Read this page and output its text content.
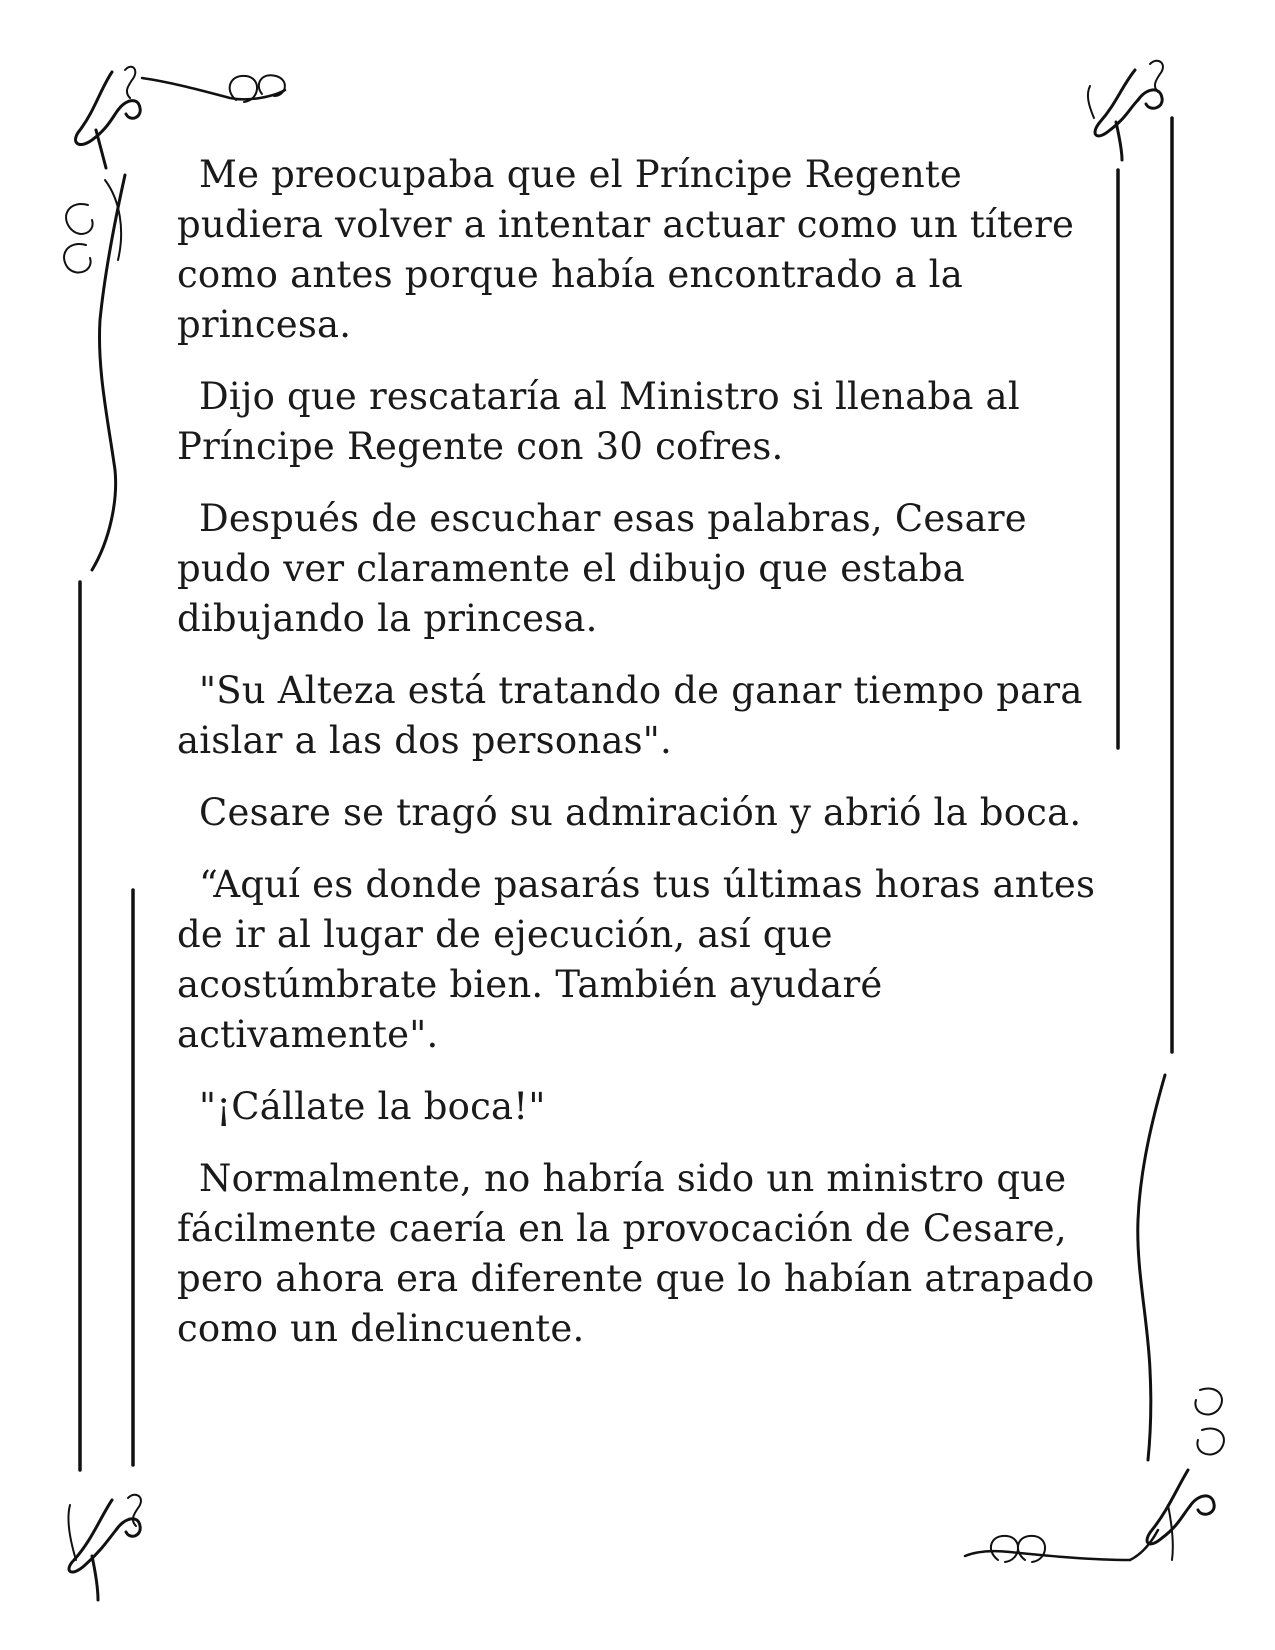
Me preocupaba que el Príncipe Regente pudiera volver a intentar actuar como un títere como antes porque había encontrado a la princesa.

Dijo que rescataría al Ministro si llenaba al Príncipe Regente con 30 cofres.

Después de escuchar esas palabras, Cesare pudo ver claramente el dibujo que estaba dibujando la princesa.

"Su Alteza está tratando de ganar tiempo para aislar a las dos personas".

Cesare se tragó su admiración y abrió la boca.

“Aquí es donde pasarás tus últimas horas antes de ir al lugar de ejecución, así que acostúmbrate bien. También ayudaré activamente".

"¡Cállate la boca!"

Normalmente, no habría sido un ministro que fácilmente caería en la provocación de Cesare, pero ahora era diferente que lo habían atrapado como un delincuente.
